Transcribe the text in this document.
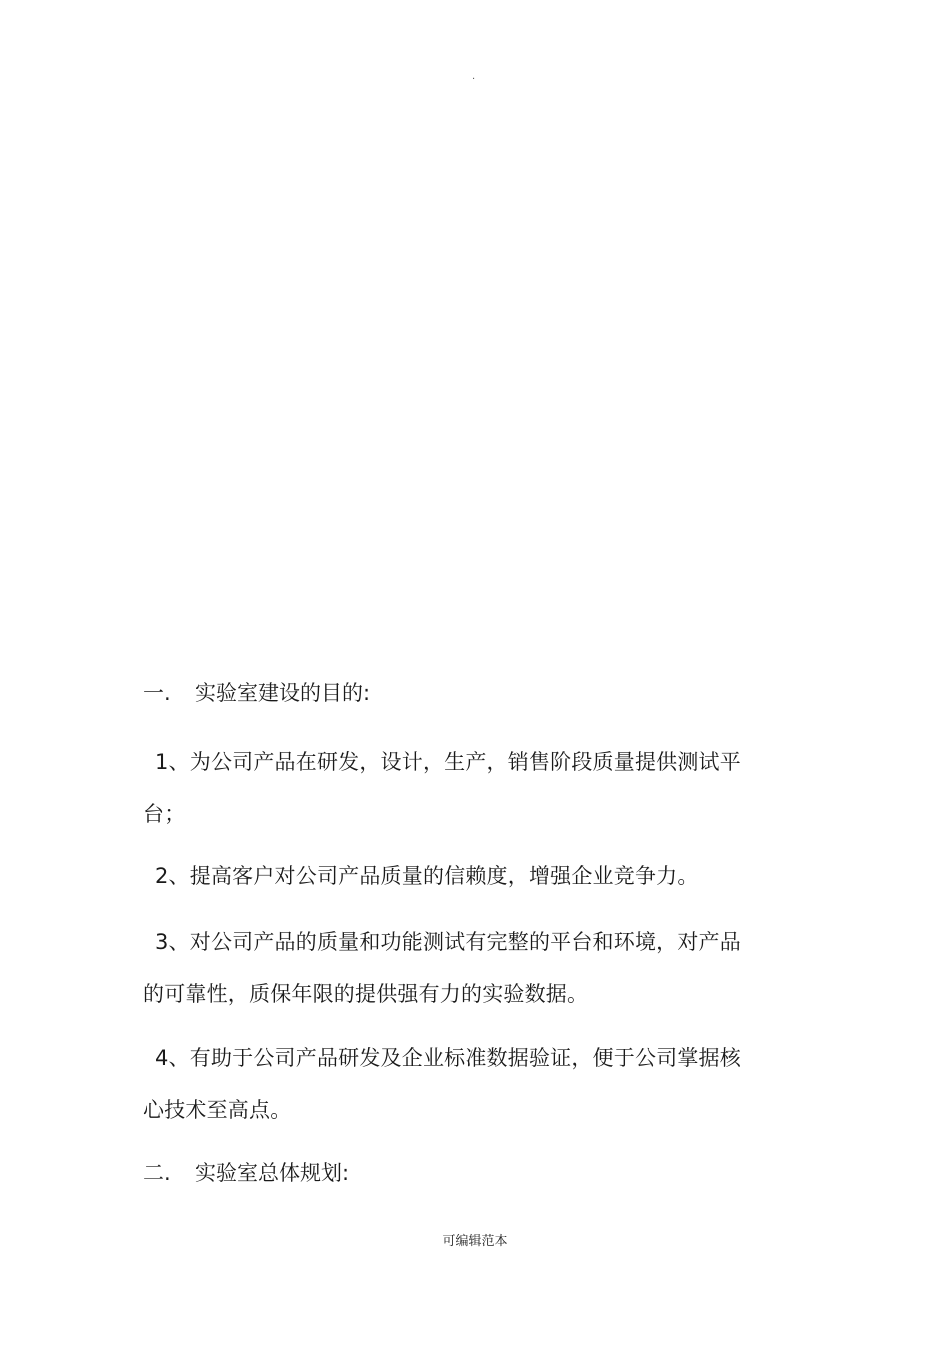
.
一. 实验室建设的目的:
1、为公司产品在研发，设计，生产，销售阶段质量提供测试平台；
2、提高客户对公司产品质量的信赖度，增强企业竞争力。
3、对公司产品的质量和功能测试有完整的平台和环境，对产品的可靠性，质保年限的提供强有力的实验数据。
4、有助于公司产品研发及企业标准数据验证，便于公司掌据核心技术至高点。
二. 实验室总体规划:
可编辑范本
